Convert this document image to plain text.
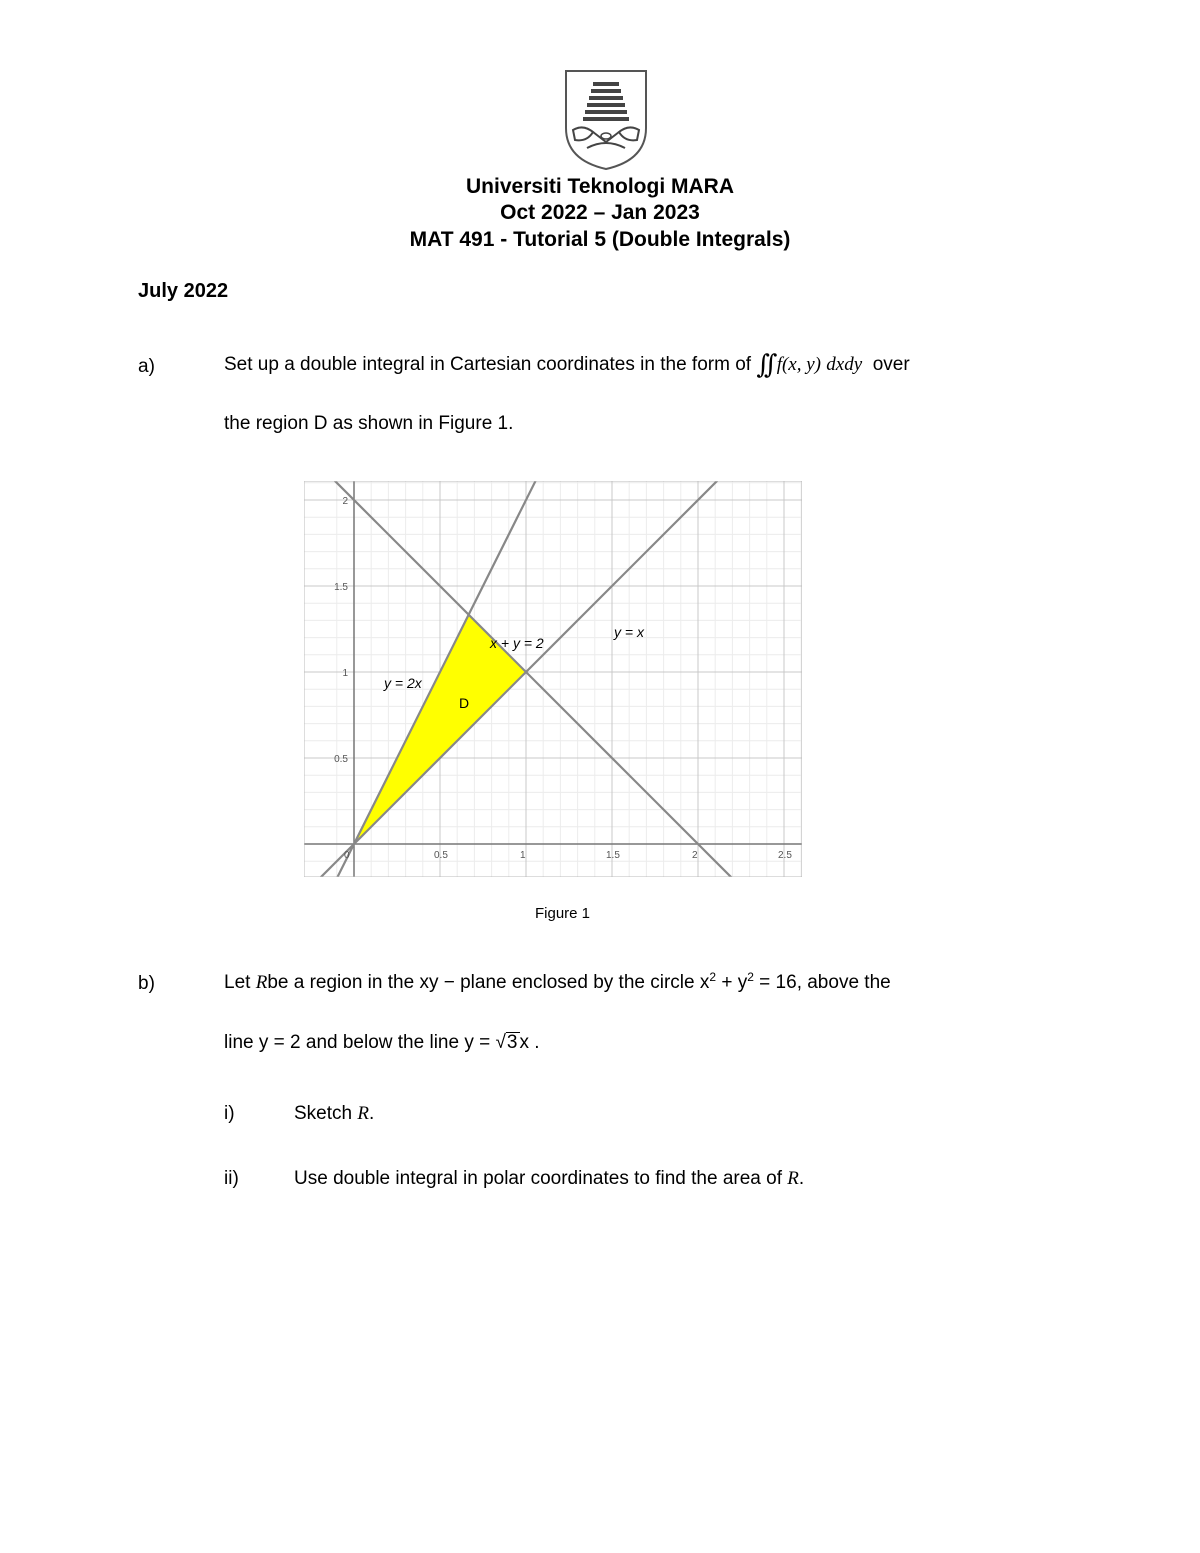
Universiti Teknologi MARA
Oct 2022 – Jan 2023
MAT 491 - Tutorial 5 (Double Integrals)
July 2022
a)	Set up a double integral in Cartesian coordinates in the form of ∫∫ f(x, y) dxdy over
the region D as shown in Figure 1.
0	0.5	1	1.5	2	2.5
0.5
1
1.5
2
y = 2x
x + y = 2
y = x
D
Figure 1
b)	Let Rbe a region in the xy − plane enclosed by the circle $x^2 + y^2 = 16$, above the
line y = 2 and below the line y = √3 x .
i)	Sketch R.
ii)	Use double integral in polar coordinates to find the area of R.
